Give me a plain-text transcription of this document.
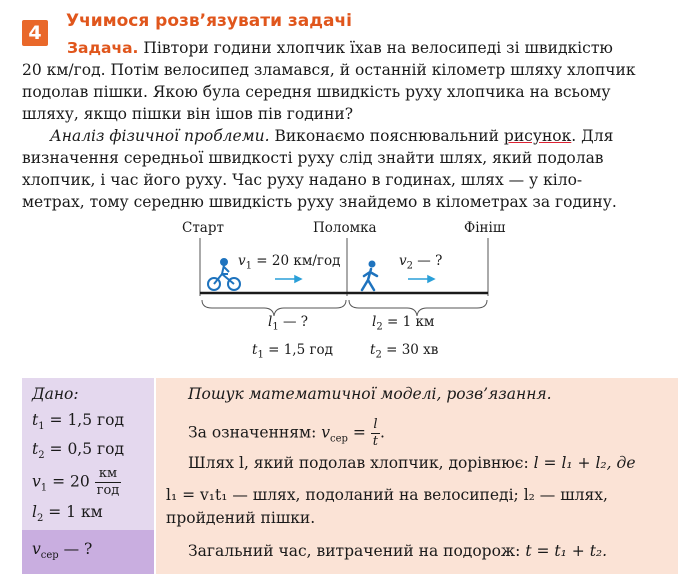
4
Учимося розв’язувати задачі
Задача. Півтори години хлопчик їхав на велосипеді зі швидкістю
20 км/год. Потім велосипед зламався, й останній кілометр шляху хлопчик
подолав пішки. Якою була середня швидкість руху хлопчика на всьому
шляху, якщо пішки він ішов пів години?
Аналіз фізичної проблеми. Виконаємо пояснювальний рисунок. Для
визначення середньої швидкості руху слід знайти шлях, який подолав
хлопчик, і час його руху. Час руху надано в годинах, шлях — у кіло-
метрах, тому середню швидкість руху знайдемо в кілометрах за годину.
Старт	Поломка	Фініш
$v_1 = 20$ км/год	$v_2$ — ?
$l_1$ — ?	$l_2 = 1$ км
$t_1 = 1,5$ год	$t_2 = 30$ хв
Дано:
$t_1 = 1,5$ год
$t_2 = 0,5$ год
$v_1 = 20 \frac{км}{\text{год}}$
$l_2 = 1$ км
$v_{сер}$ — ?
Пошук математичної моделі, розв’язання.
За означенням: $v_{сер} = \frac{l}{t}$ .
Шлях l, який подолав хлопчик, дорівнює: l = l₁ + l₂, де
l₁ = v₁t₁ — шлях, подоланий на велосипеді; l₂ — шлях,
пройдений пішки.
Загальний час, витрачений на подорож: t = t₁ + t₂.
